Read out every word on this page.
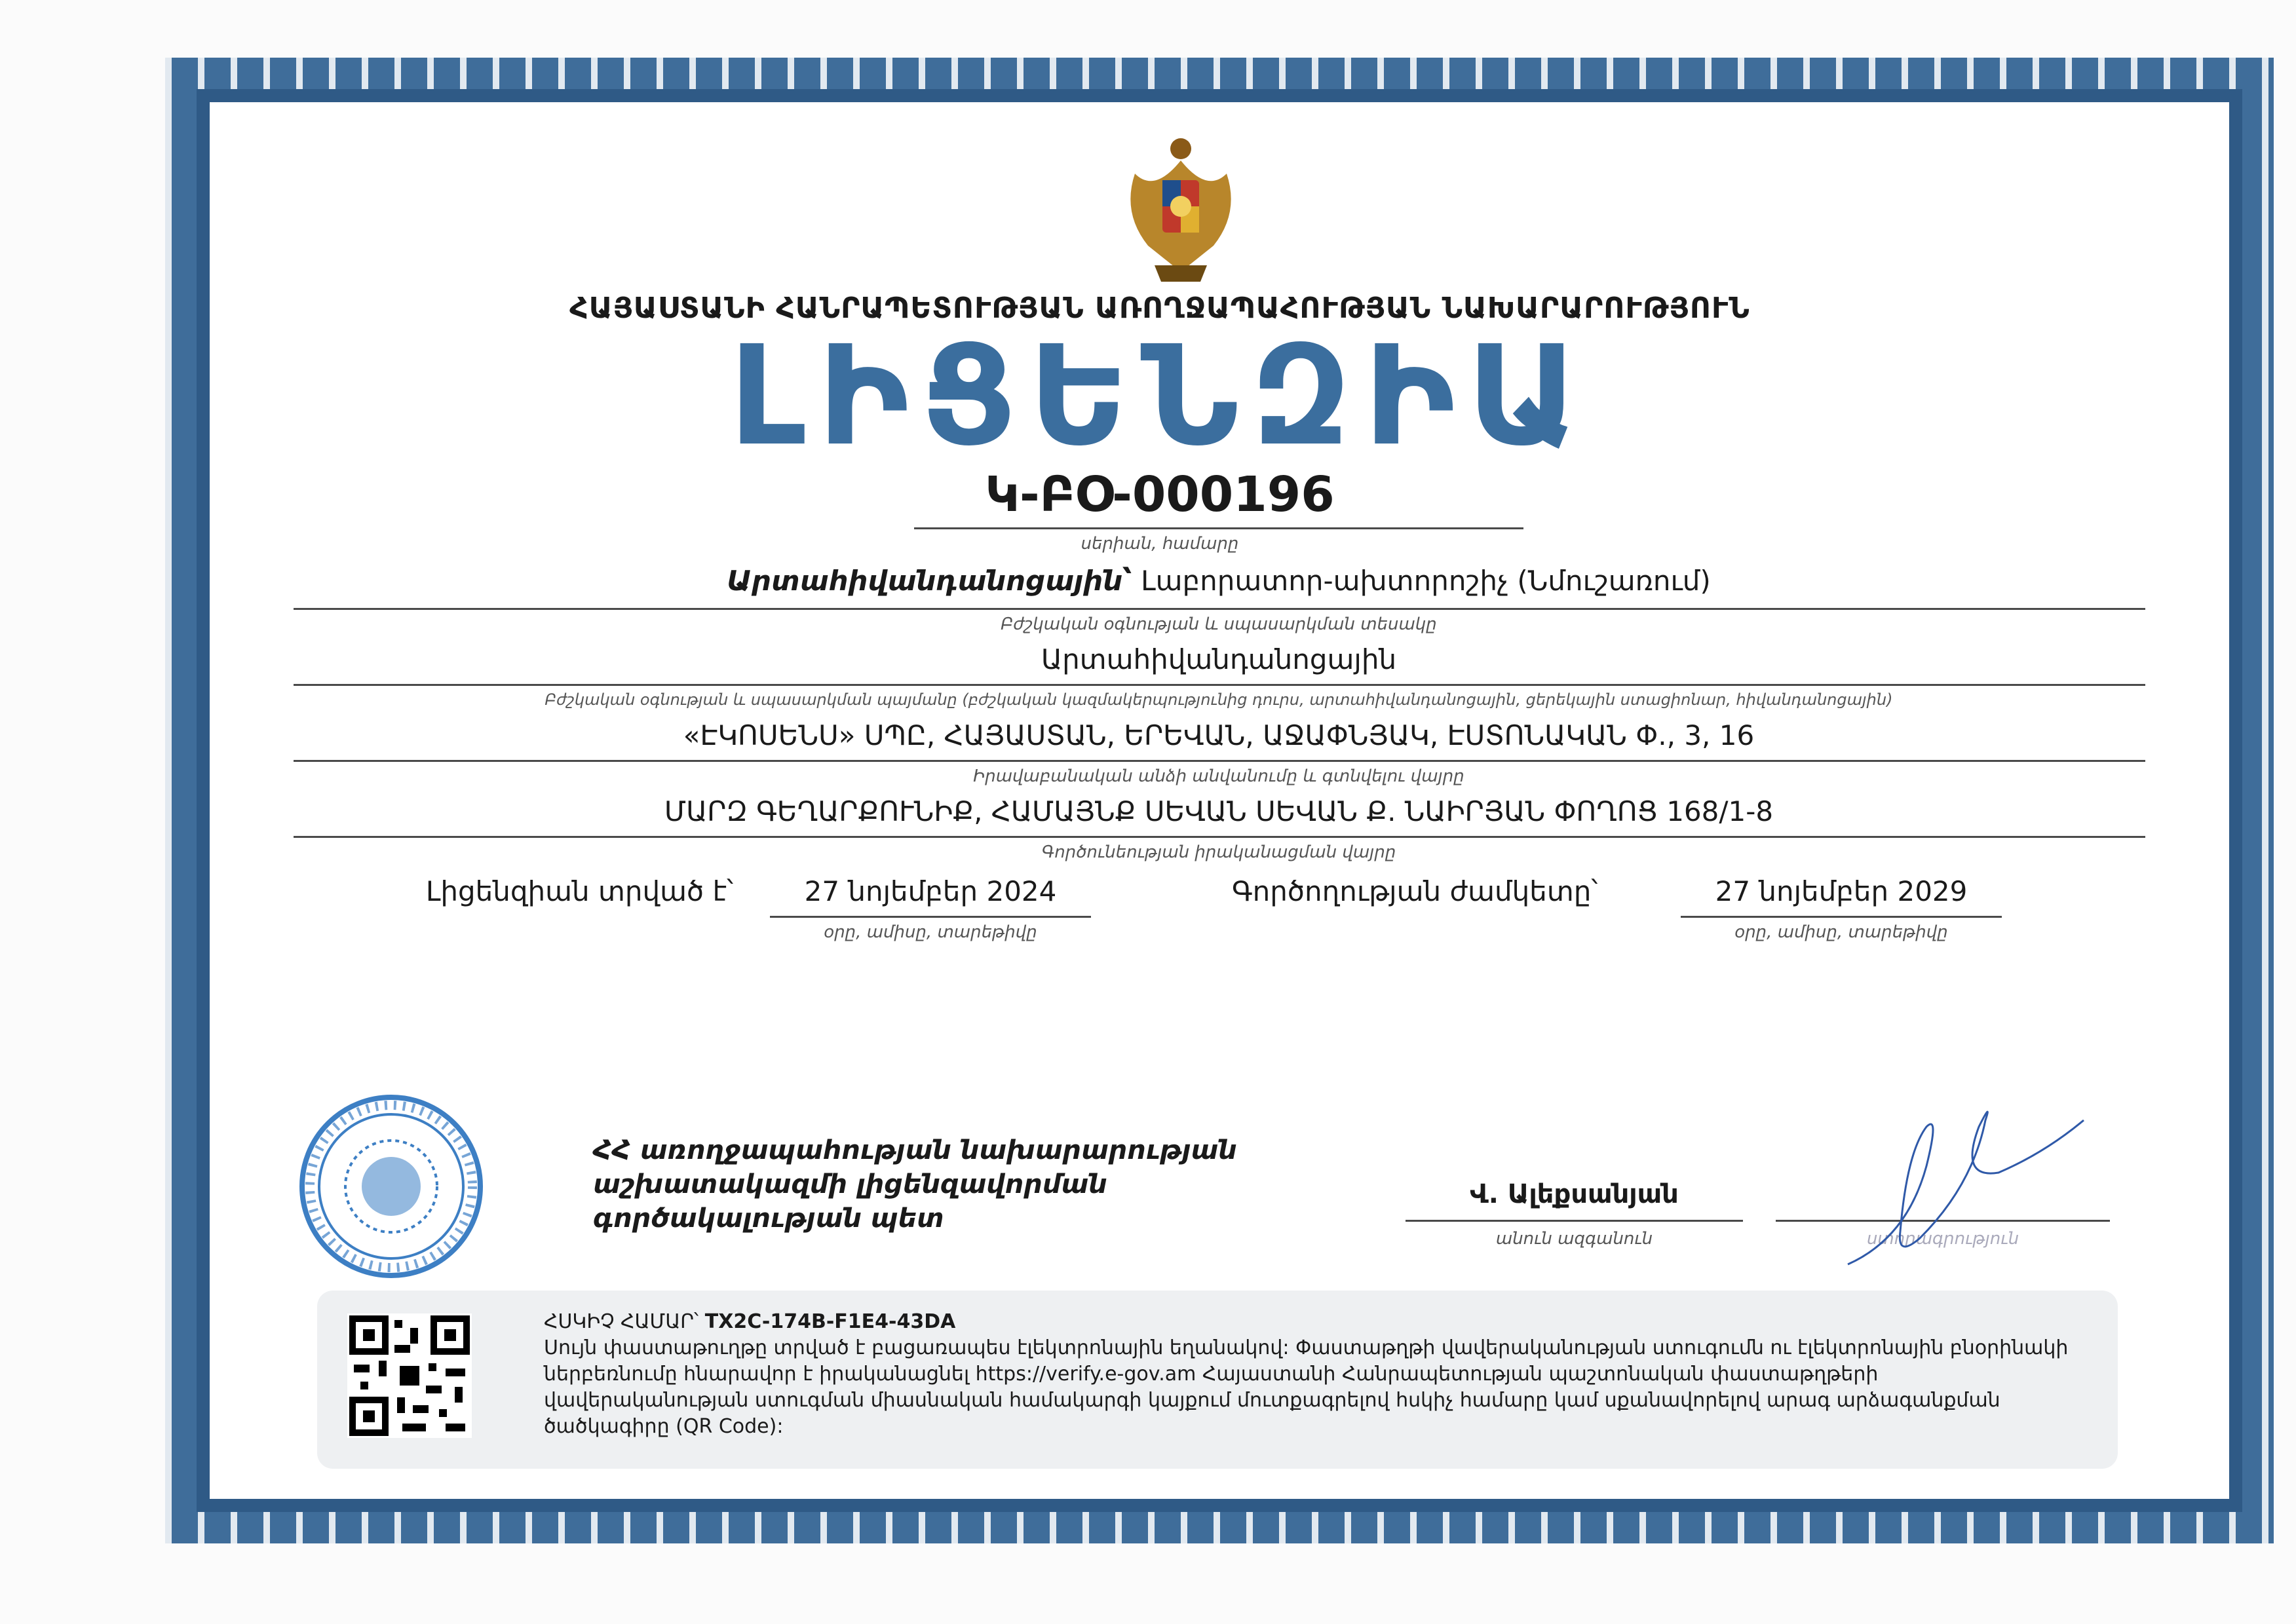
ՀԱՅԱՍՏԱՆԻ ՀԱՆՐԱՊԵՏՈՒԹՅԱՆ ԱՌՈՂՋԱՊԱՀՈՒԹՅԱՆ ՆԱԽԱՐԱՐՈՒԹՅՈՒՆ
ԼԻՑԵՆԶԻԱ
Կ-ԲՕ-000196
սերիան, համարը
Արտահիվանդանոցային՝ Լաբորատոր-ախտորոշիչ (Նմուշառում)
Բժշկական օգնության և սպասարկման տեսակը
Արտահիվանդանոցային
Բժշկական օգնության և սպասարկման պայմանը (բժշկական կազմակերպությունից դուրս, արտահիվանդանոցային, ցերեկային ստացիոնար, հիվանդանոցային)
«ԷԿՈՍԵՆՍ» ՍՊԸ, ՀԱՅԱՍՏԱՆ, ԵՐԵՎԱՆ, ԱՋԱՓՆՅԱԿ, ԷՍՏՈՆԱԿԱՆ Փ., 3, 16
Իրավաբանական անձի անվանումը և գտնվելու վայրը
ՄԱՐԶ ԳԵՂԱՐՔՈՒՆԻՔ, ՀԱՄԱՅՆՔ ՍԵՎԱՆ ՍԵՎԱՆ Ք. ՆԱԻՐՅԱՆ ՓՈՂՈՑ 168/1-8
Գործունեության իրականացման վայրը
Լիցենզիան տրված է՝	27 նոյեմբեր 2024
օրը, ամիսը, տարեթիվը
Գործողության ժամկետը՝	27 նոյեմբեր 2029
օրը, ամիսը, տարեթիվը
ՀՀ առողջապահության նախարարության
աշխատակազմի լիցենզավորման
գործակալության պետ
Վ. Ալեքսանյան
անուն ազգանուն	ստորագրություն
ՀՍԿԻՉ ՀԱՄԱՐ՝ TX2C-174B-F1E4-43DA
Սույն փաստաթուղթը տրված է բացառապես էլեկտրոնային եղանակով: Փաստաթղթի վավերականության ստուգումն ու էլեկտրոնային բնօրինակի ներբեռնումը հնարավոր է իրականացնել https://verify.e-gov.am Հայաստանի Հանրապետության պաշտոնական փաստաթղթերի վավերականության ստուգման միասնական համակարգի կայքում մուտքագրելով հսկիչ համարը կամ սքանավորելով արագ արձագանքման ծածկագիրը (QR Code):
